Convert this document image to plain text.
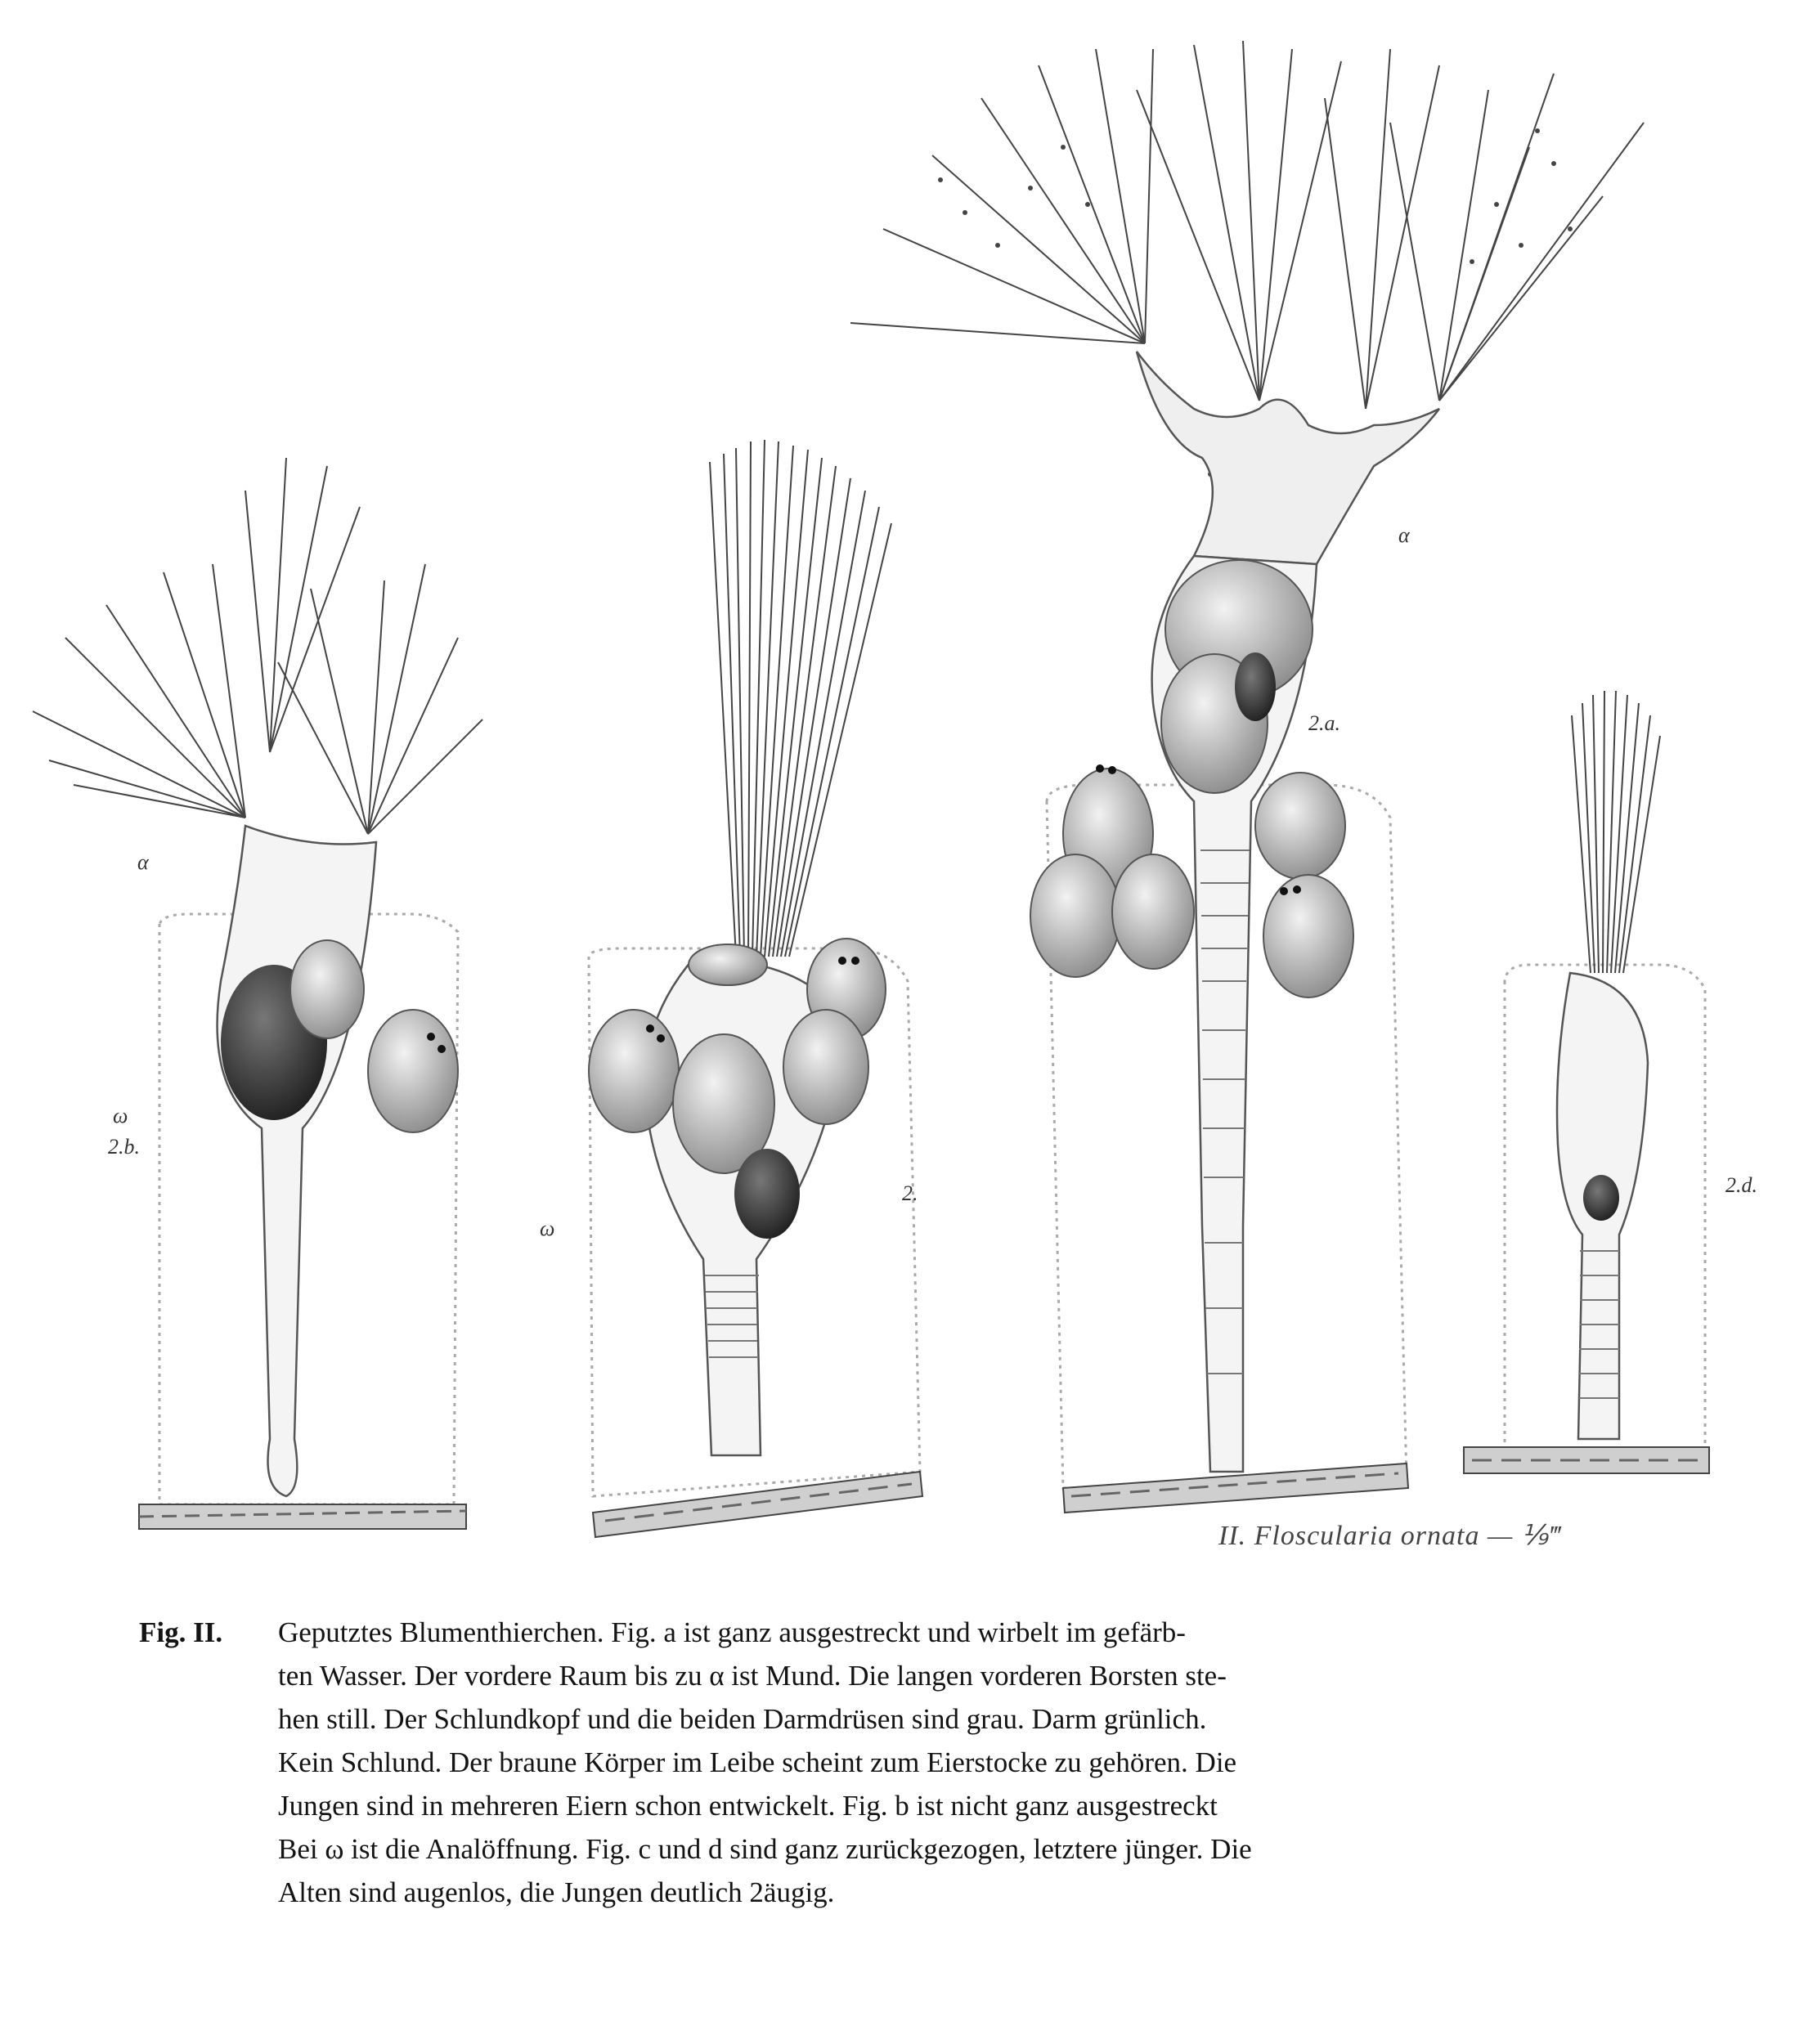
α
ω
2.b.
ω
2.
α
2.a.
2.d.
II. Floscularia ornata — ⅑‴
Fig. II. Geputztes Blumenthierchen. Fig. a ist ganz ausgestreckt und wirbelt im gefärb-
ten Wasser. Der vordere Raum bis zu α ist Mund. Die langen vorderen Borsten ste-
hen still. Der Schlundkopf und die beiden Darmdrüsen sind grau. Darm grünlich.
Kein Schlund. Der braune Körper im Leibe scheint zum Eierstocke zu gehören. Die
Jungen sind in mehreren Eiern schon entwickelt. Fig. b ist nicht ganz ausgestreckt
Bei ω ist die Analöffnung. Fig. c und d sind ganz zurückgezogen, letztere jünger. Die
Alten sind augenlos, die Jungen deutlich 2äugig.
